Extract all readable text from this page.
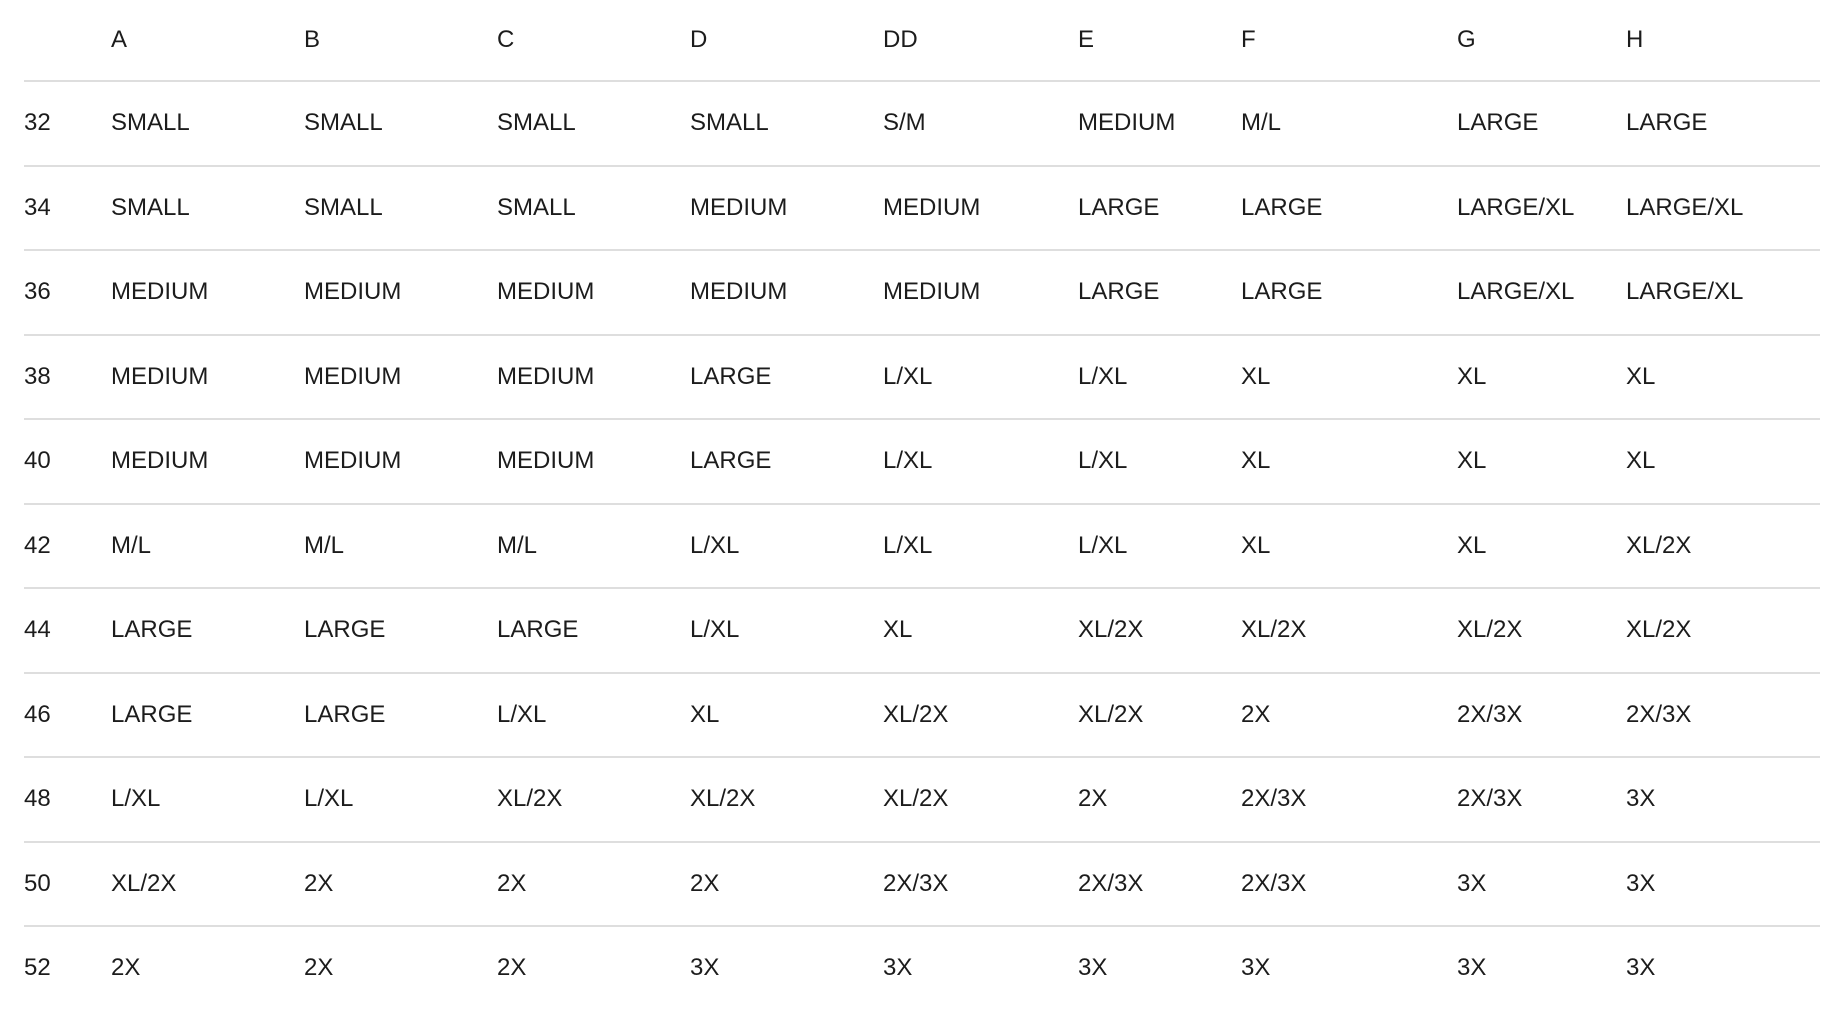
	A	B	C	D	DD	E	F	G	H
32	SMALL	SMALL	SMALL	SMALL	S/M	MEDIUM	M/L	LARGE	LARGE
34	SMALL	SMALL	SMALL	MEDIUM	MEDIUM	LARGE	LARGE	LARGE/XL	LARGE/XL
36	MEDIUM	MEDIUM	MEDIUM	MEDIUM	MEDIUM	LARGE	LARGE	LARGE/XL	LARGE/XL
38	MEDIUM	MEDIUM	MEDIUM	LARGE	L/XL	L/XL	XL	XL	XL
40	MEDIUM	MEDIUM	MEDIUM	LARGE	L/XL	L/XL	XL	XL	XL
42	M/L	M/L	M/L	L/XL	L/XL	L/XL	XL	XL	XL/2X
44	LARGE	LARGE	LARGE	L/XL	XL	XL/2X	XL/2X	XL/2X	XL/2X
46	LARGE	LARGE	L/XL	XL	XL/2X	XL/2X	2X	2X/3X	2X/3X
48	L/XL	L/XL	XL/2X	XL/2X	XL/2X	2X	2X/3X	2X/3X	3X
50	XL/2X	2X	2X	2X	2X/3X	2X/3X	2X/3X	3X	3X
52	2X	2X	2X	3X	3X	3X	3X	3X	3X
